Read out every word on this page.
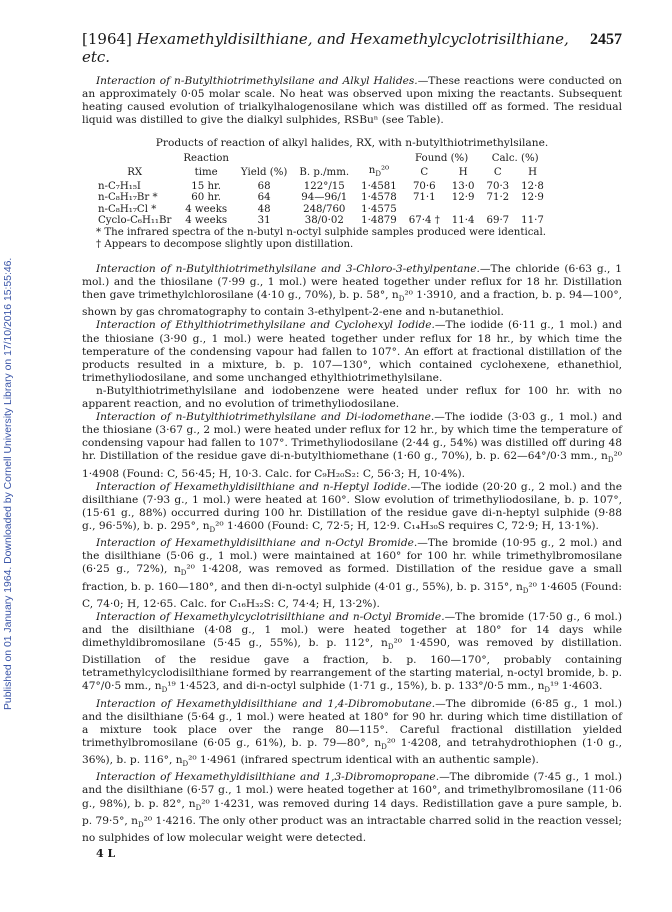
Published on 01 January 1964. Downloaded by Cornell University Library on 17/10/2016 15:55:46.
[1964] Hexamethyldisilthiane, and Hexamethylcyclotrisilthiane, etc.
2457

Interaction of n-Butylthiotrimethylsilane and Alkyl Halides.—These reactions were conducted on an approximately 0·05 molar scale. No heat was observed upon mixing the reactants. Subsequent heating caused evolution of trialkylhalogenosilane which was distilled off as formed. The residual liquid was distilled to give the dialkyl sulphides, RSBuⁿ (see Table).

Products of reaction of alkyl halides, RX, with n-butylthiotrimethylsilane.
	Reaction				Found (%)		Calc. (%)	
RX	time	Yield (%)	B. p./mm.	$n_D^{20}$	C	H	C	H
n-C₇H₁₅I	15 hr.	68	122°/15	1·4581	70·6	13·0	70·3	12·8
n-C₈H₁₇Br *	60 hr.	64	94—96/1	1·4578	71·1	12·9	71·2	12·9
n-C₈H₁₇Cl *	4 weeks	48	248/760	1·4575				
Cyclo-C₆H₁₁Br	4 weeks	31	38/0·02	1·4879	67·4 †	11·4	69·7	11·7
* The infrared spectra of the n-butyl n-octyl sulphide samples produced were identical.
† Appears to decompose slightly upon distillation.

Interaction of n-Butylthiotrimethylsilane and 3-Chloro-3-ethylpentane.—The chloride (6·63 g., 1 mol.) and the thiosilane (7·99 g., 1 mol.) were heated together under reflux for 18 hr. Distillation then gave trimethylchlorosilane (4·10 g., 70%), b. p. 58°, $n_D^{20}$ 1·3910, and a fraction, b. p. 94—100°, shown by gas chromatography to contain 3-ethylpent-2-ene and n-butanethiol.

Interaction of Ethylthiotrimethylsilane and Cyclohexyl Iodide.—The iodide (6·11 g., 1 mol.) and the thiosiane (3·90 g., 1 mol.) were heated together under reflux for 18 hr., by which time the temperature of the condensing vapour had fallen to 107°. An effort at fractional distillation of the products resulted in a mixture, b. p. 107—130°, which contained cyclohexene, ethanethiol, trimethyliodosilane, and some unchanged ethylthiotrimethylsilane.

n-Butylthiotrimethylsilane and iodobenzene were heated under reflux for 100 hr. with no apparent reaction, and no evolution of trimethyliodosilane.

Interaction of n-Butylthiotrimethylsilane and Di-iodomethane.—The iodide (3·03 g., 1 mol.) and the thiosiane (3·67 g., 2 mol.) were heated under reflux for 12 hr., by which time the temperature of condensing vapour had fallen to 107°. Trimethyliodosilane (2·44 g., 54%) was distilled off during 48 hr. Distillation of the residue gave di-n-butylthiomethane (1·60 g., 70%), b. p. 62—64°/0·3 mm., $n_D^{20}$ 1·4908 (Found: C, 56·45; H, 10·3. Calc. for C₉H₂₀S₂: C, 56·3; H, 10·4%).

Interaction of Hexamethyldisilthiane and n-Heptyl Iodide.—The iodide (20·20 g., 2 mol.) and the disilthiane (7·93 g., 1 mol.) were heated at 160°. Slow evolution of trimethyliodosilane, b. p. 107°, (15·61 g., 88%) occurred during 100 hr. Distillation of the residue gave di-n-heptyl sulphide (9·88 g., 96·5%), b. p. 295°, $n_D^{20}$ 1·4600 (Found: C, 72·5; H, 12·9. C₁₄H₃₀S requires C, 72·9; H, 13·1%).

Interaction of Hexamethyldisilthiane and n-Octyl Bromide.—The bromide (10·95 g., 2 mol.) and the disilthiane (5·06 g., 1 mol.) were maintained at 160° for 100 hr. while trimethylbromosilane (6·25 g., 72%), $n_D^{20}$ 1·4208, was removed as formed. Distillation of the residue gave a small fraction, b. p. 160—180°, and then di-n-octyl sulphide (4·01 g., 55%), b. p. 315°, $n_D^{20}$ 1·4605 (Found: C, 74·0; H, 12·65. Calc. for C₁₆H₃₂S: C, 74·4; H, 13·2%).

Interaction of Hexamethylcyclotrisilthiane and n-Octyl Bromide.—The bromide (17·50 g., 6 mol.) and the disilthiane (4·08 g., 1 mol.) were heated together at 180° for 14 days while dimethyldibromosilane (5·45 g., 55%), b. p. 112°, $n_D^{20}$ 1·4590, was removed by distillation. Distillation of the residue gave a fraction, b. p. 160—170°, probably containing tetramethylcyclodisilthiane formed by rearrangement of the starting material, n-octyl bromide, b. p. 47°/0·5 mm., $n_D^{19}$ 1·4523, and di-n-octyl sulphide (1·71 g., 15%), b. p. 133°/0·5 mm., $n_D^{19}$ 1·4603.

Interaction of Hexamethyldisilthiane and 1,4-Dibromobutane.—The dibromide (6·85 g., 1 mol.) and the disilthiane (5·64 g., 1 mol.) were heated at 180° for 90 hr. during which time distillation of a mixture took place over the range 80—115°. Careful fractional distillation yielded trimethylbromosilane (6·05 g., 61%), b. p. 79—80°, $n_D^{20}$ 1·4208, and tetrahydrothiophen (1·0 g., 36%), b. p. 116°, $n_D^{20}$ 1·4961 (infrared spectrum identical with an authentic sample).

Interaction of Hexamethyldisilthiane and 1,3-Dibromopropane.—The dibromide (7·45 g., 1 mol.) and the disilthiane (6·57 g., 1 mol.) were heated together at 160°, and trimethylbromosilane (11·06 g., 98%), b. p. 82°, $n_D^{20}$ 1·4231, was removed during 14 days. Redistillation gave a pure sample, b. p. 79·5°, $n_D^{20}$ 1·4216. The only other product was an intractable charred solid in the reaction vessel; no sulphides of low molecular weight were detected.

4 L
